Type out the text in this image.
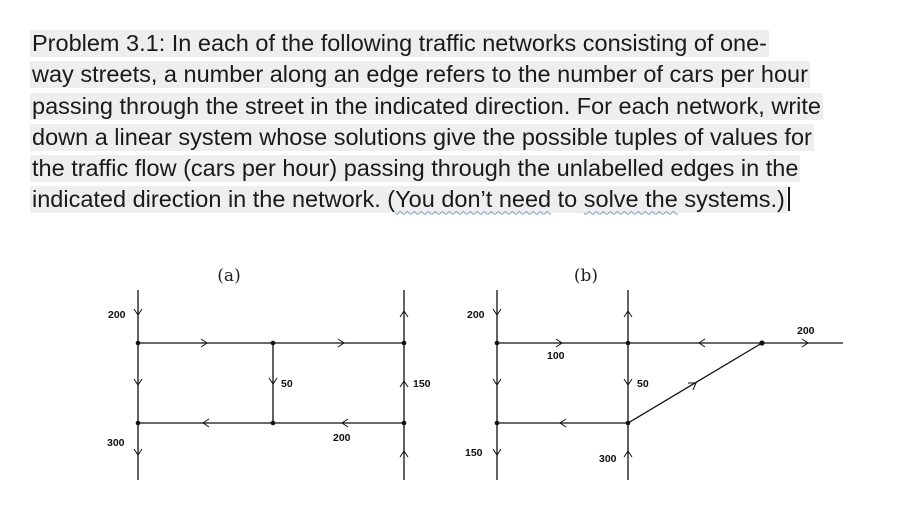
Problem 3.1: In each of the following traffic networks consisting of one-
way streets, a number along an edge refers to the number of cars per hour
passing through the street in the indicated direction. For each network, write
down a linear system whose solutions give the possible tuples of values for
the traffic flow (cars per hour) passing through the unlabelled edges in the
indicated direction in the network. (You don’t need to solve the systems.)
(a)
200
300
50	150
200
(b)
200
100
200
50
150	300
